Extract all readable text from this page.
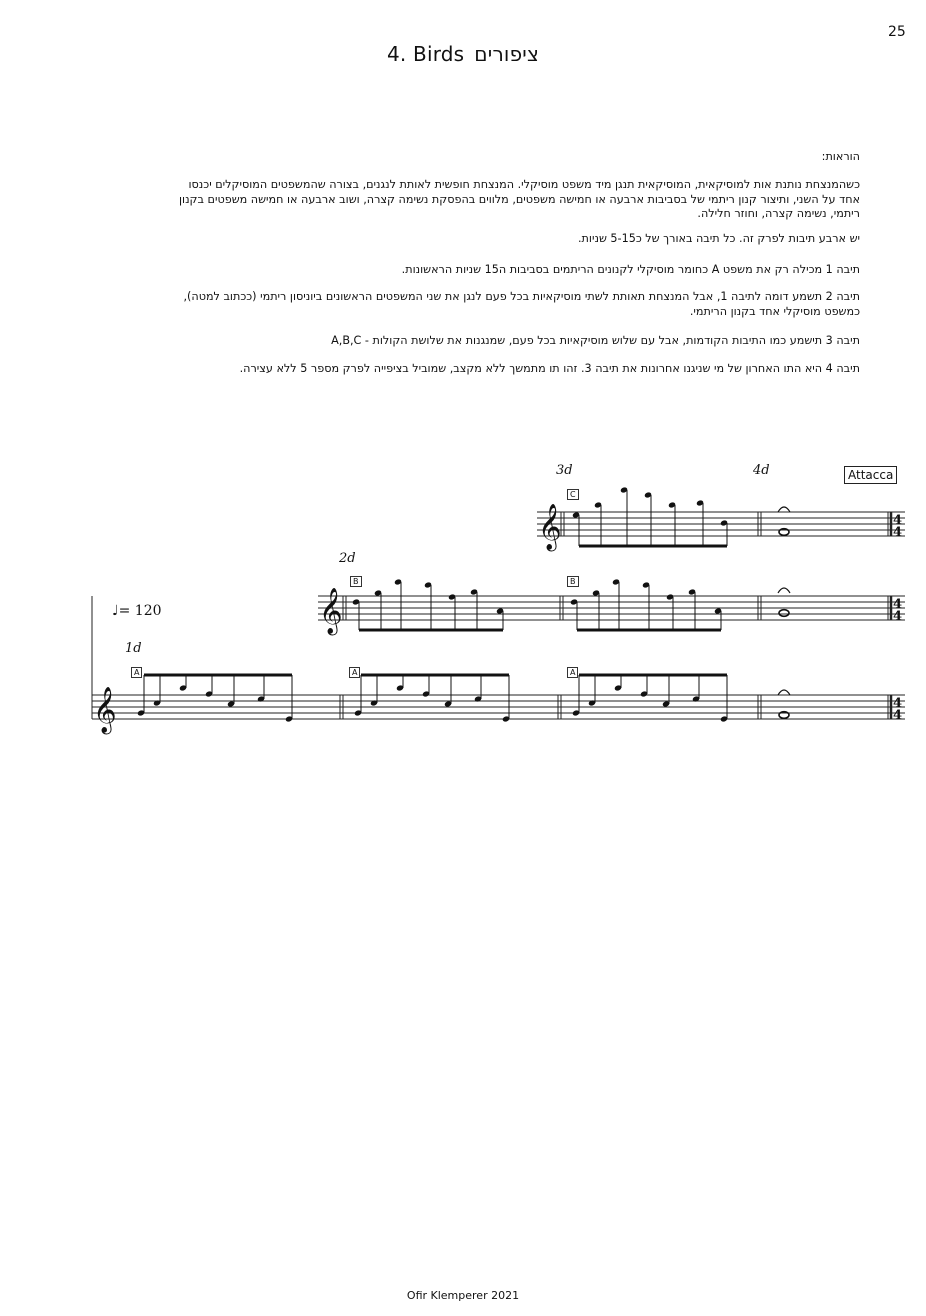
25
4. Birds ציפורים
הוראות:
כשהמנצחת נותנת אות למוסיקאית, המוסיקאית תנגן מיד משפט מוסיקלי. המנצחת חופשית לאותת לנגנים, בצורה שהמשפטים המוסיקלים יכנסו
אחד על השני, ותיצור קנון ריתמי של בסביבות ארבעה או חמישה משפטים, מלווים בהפסקת נשימה קצרה, ושוב ארבעה או חמישה משפטים בקנון
ריתמי, נשימה קצרה, וחוזר חלילה.
יש ארבע תיבות לפרק זה. כל תיבה באורך של כ5-15 שניות.
תיבה 1 מכילה רק את משפט A כחומר מוסיקלי לקנונים הריתמים בסביבות ה15 שניות הראשונות.
תיבה 2 תשמע דומה לתיבה 1, אבל המנצחת תאותת לשתי מוסיקאיות בכל פעם לנגן את שני המשפטים הראשונים ביוניסון ריתמי (ככתוב למטה),
כמשפט מוסיקלי אחד בקנון הריתמי.
תיבה 3 תישמע כמו התיבות הקודמות, אבל עם שלוש מוסיקאיות בכל פעם, שמנגנות את שלושת הקולות - A,B,C
תיבה 4 היא התו האחרון של מי שניגנו אחרונות את תיבה 3. זהו תו מתמשך ללא מקצב, שמוביל בציפייה לפרק מספר 5 ללא עצירה.
𝄞
𝄞
𝄞
4
4
4
4
4
4
3d	4d
2d
1d
Attacca
♩= 120
C
B	B
A	A	A
Ofir Klemperer 2021
